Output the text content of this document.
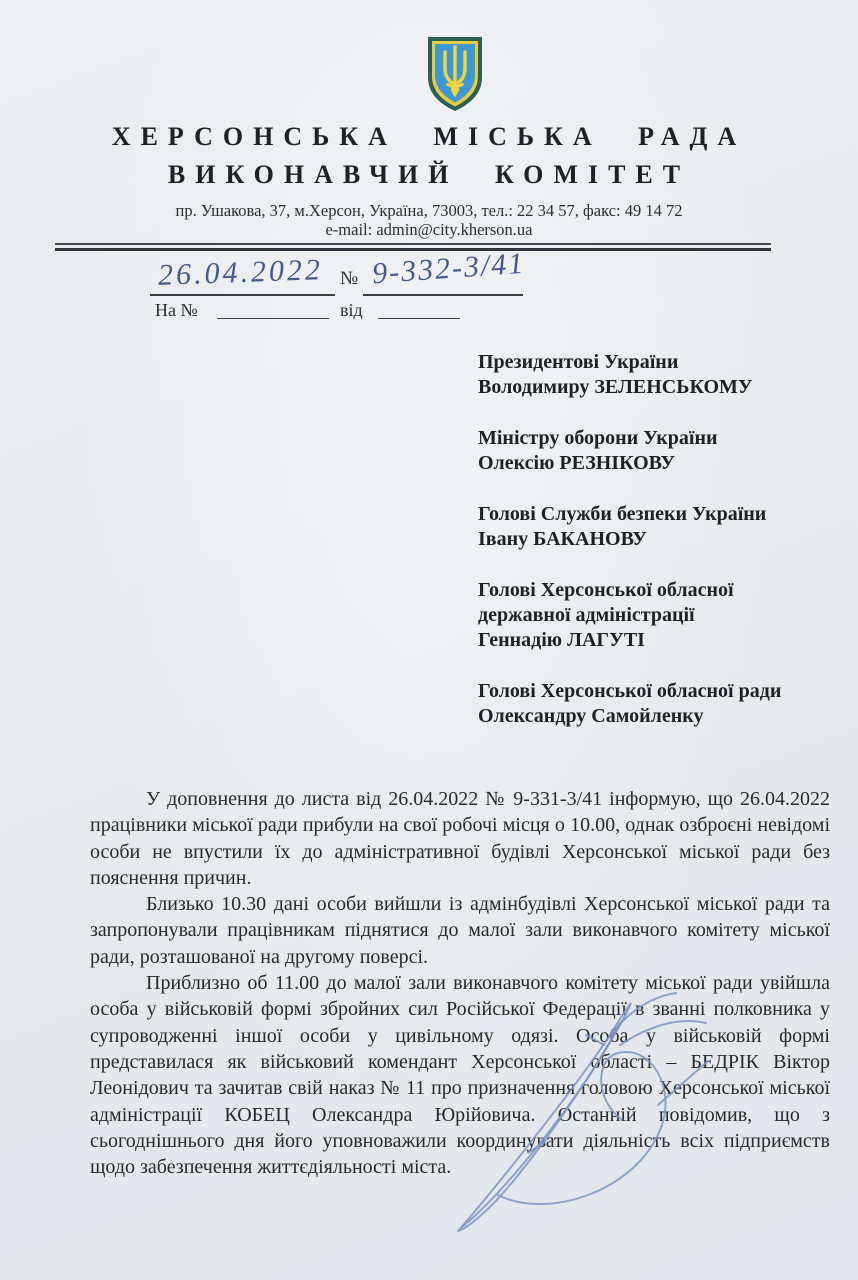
ХЕРСОНСЬКА МІСЬКА РАДА
ВИКОНАВЧИЙ КОМІТЕТ
пр. Ушакова, 37, м.Херсон, Україна, 73003, тел.: 22 34 57, факс: 49 14 72
e-mail: admin@city.kherson.ua
26.04.2022 № 9-332-3/41
На №	від
Президентові України
Володимиру ЗЕЛЕНСЬКОМУ
Міністру оборони України
Олексію РЕЗНІКОВУ
Голові Служби безпеки України
Івану БАКАНОВУ
Голові Херсонської обласної
державної адміністрації
Геннадію ЛАГУТІ
Голові Херсонської обласної ради
Олександру Самойленку

У доповнення до листа від 26.04.2022 № 9-331-3/41 інформую, що 26.04.2022 працівники міської ради прибули на свої робочі місця о 10.00, однак озброєні невідомі особи не впустили їх до адміністративної будівлі Херсонської міської ради без пояснення причин.

Близько 10.30 дані особи вийшли із адмінбудівлі Херсонської міської ради та запропонували працівникам піднятися до малої зали виконавчого комітету міської ради, розташованої на другому поверсі.

Приблизно об 11.00 до малої зали виконавчого комітету міської ради увійшла особа у військовій формі збройних сил Російської Федерації в званні полковника у супроводженні іншої особи у цивільному одязі. Особа у військовій формі представилася як військовий комендант Херсонської області – БЕДРІК Віктор Леонідович та зачитав свій наказ № 11 про призначення головою Херсонської міської адміністрації КОБЕЦ Олександра Юрійовича. Останній повідомив, що з сьогоднішнього дня його уповноважили координувати діяльність всіх підприємств щодо забезпечення життєдіяльності міста.
